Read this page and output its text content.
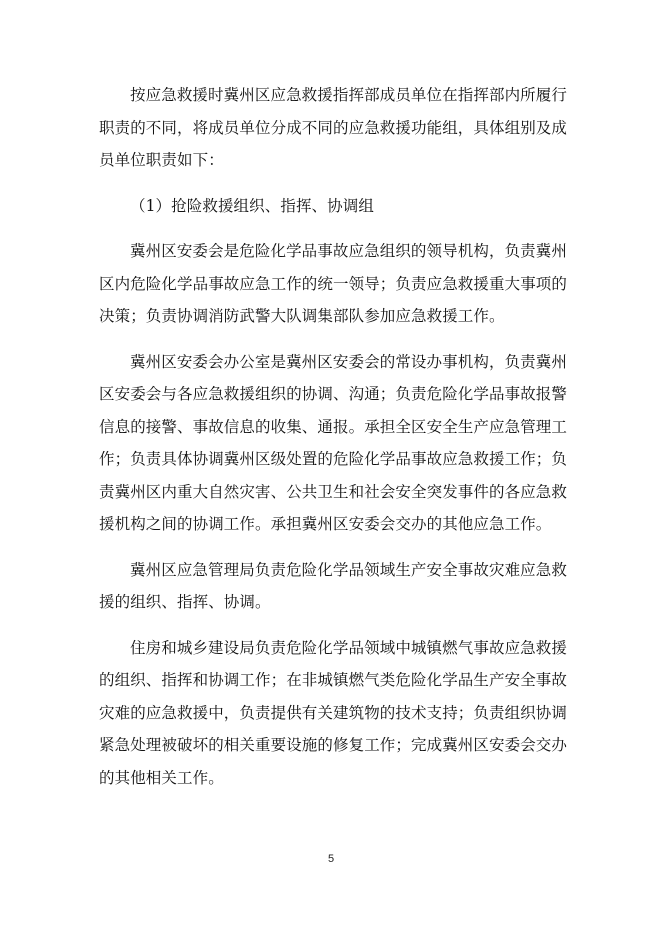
按应急救援时冀州区应急救援指挥部成员单位在指挥部内所履行职责的不同，将成员单位分成不同的应急救援功能组，具体组别及成员单位职责如下：

（1）抢险救援组织、指挥、协调组

冀州区安委会是危险化学品事故应急组织的领导机构，负责冀州区内危险化学品事故应急工作的统一领导；负责应急救援重大事项的决策；负责协调消防武警大队调集部队参加应急救援工作。

冀州区安委会办公室是冀州区安委会的常设办事机构，负责冀州区安委会与各应急救援组织的协调、沟通；负责危险化学品事故报警信息的接警、事故信息的收集、通报。承担全区安全生产应急管理工作；负责具体协调冀州区级处置的危险化学品事故应急救援工作；负责冀州区内重大自然灾害、公共卫生和社会安全突发事件的各应急救援机构之间的协调工作。承担冀州区安委会交办的其他应急工作。

冀州区应急管理局负责危险化学品领域生产安全事故灾难应急救援的组织、指挥、协调。

住房和城乡建设局负责危险化学品领域中城镇燃气事故应急救援的组织、指挥和协调工作；在非城镇燃气类危险化学品生产安全事故灾难的应急救援中，负责提供有关建筑物的技术支持；负责组织协调紧急处理被破坏的相关重要设施的修复工作；完成冀州区安委会交办的其他相关工作。

5
